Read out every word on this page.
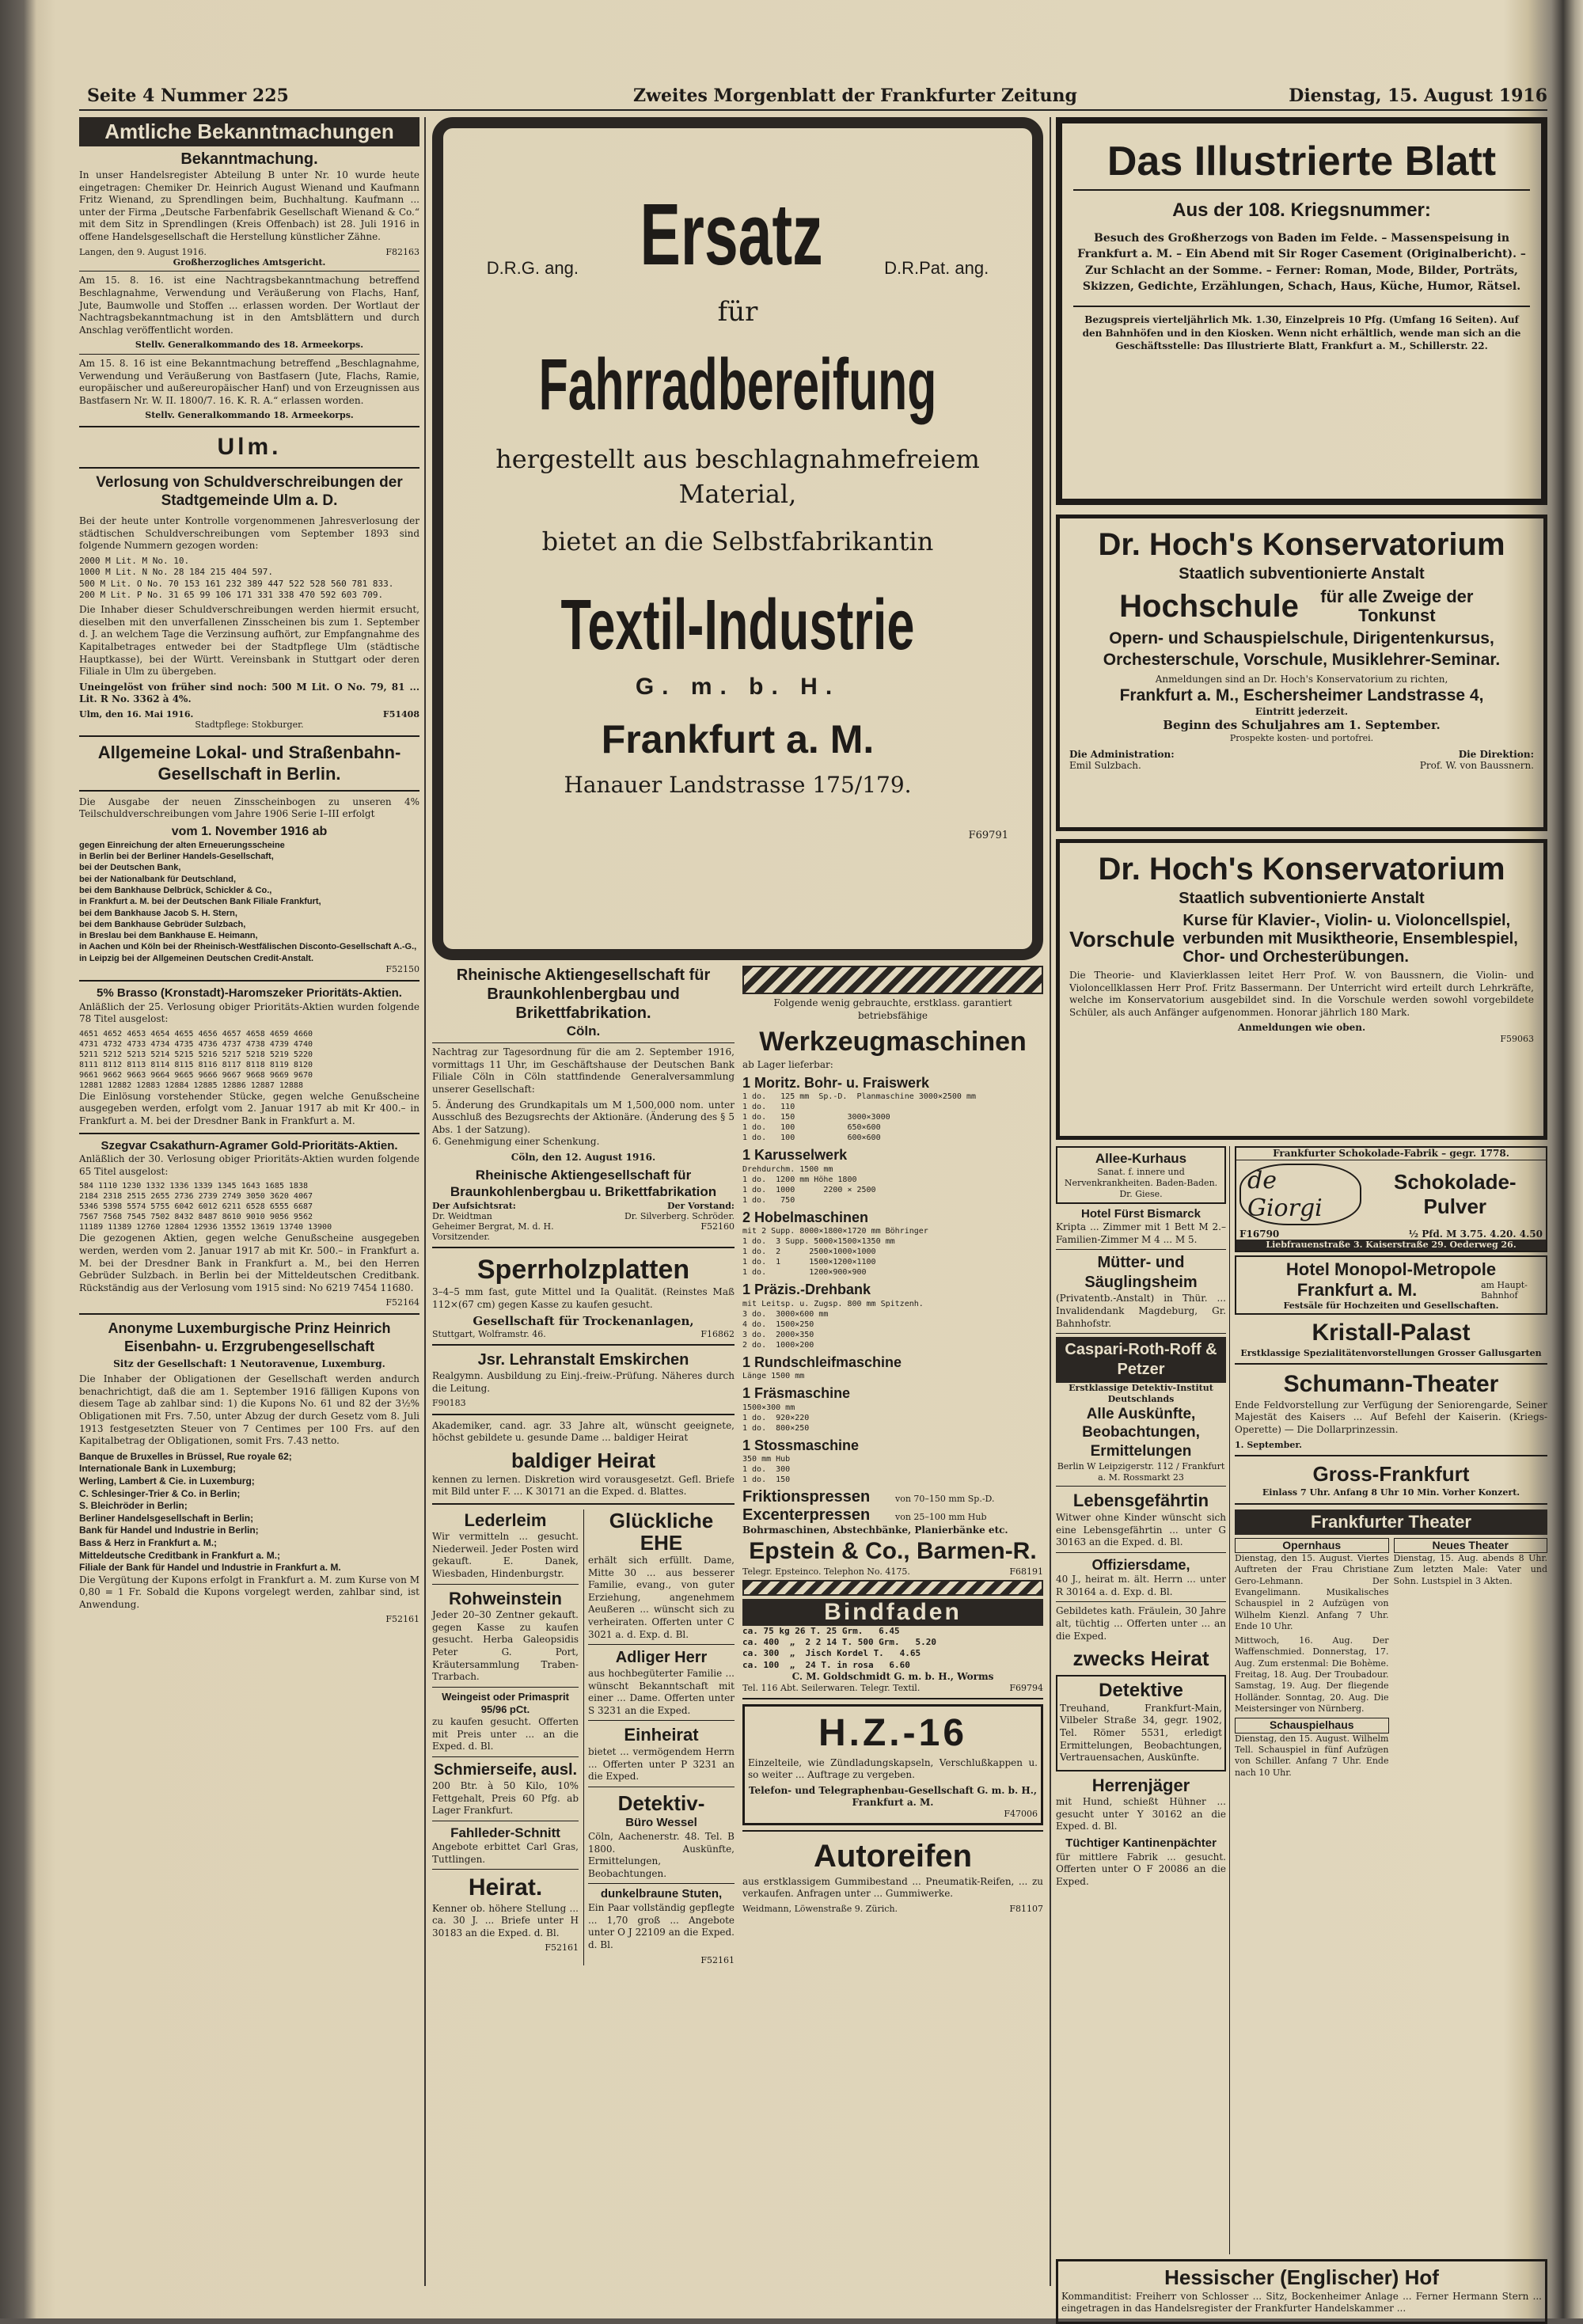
Seite 4 Nummer 225	Zweites Morgenblatt der Frankfurter Zeitung	Dienstag, 15. August 1916
Amtliche Bekanntmachungen

Bekanntmachung.

In unser Handelsregister Abteilung B unter Nr. 10 wurde heute eingetragen: Chemiker Dr. Heinrich August Wienand und Kaufmann Fritz Wienand, zu Sprendlingen beim, Buchhaltung. Kaufmann ... unter der Firma „Deutsche Farbenfabrik Gesellschaft Wienand & Co.“ mit dem Sitz in Sprendlingen (Kreis Offenbach) ist 28. Juli 1916 in offene Handelsgesellschaft die Herstellung künstlicher Zähne.

Langen, den 9. August 1916.	F82163

Großherzogliches Amtsgericht.

Am 15. 8. 16. ist eine Nachtragsbekanntmachung betreffend Beschlagnahme, Verwendung und Veräußerung von Flachs, Hanf, Jute, Baumwolle und Stoffen ... erlassen worden. Der Wortlaut der Nachtragsbekanntmachung ist in den Amtsblättern und durch Anschlag veröffentlicht worden.

Stellv. Generalkommando des 18. Armeekorps.

Am 15. 8. 16 ist eine Bekanntmachung betreffend „Beschlagnahme, Verwendung und Veräußerung von Bastfasern (Jute, Flachs, Ramie, europäischer und außereuropäischer Hanf) und von Erzeugnissen aus Bastfasern Nr. W. II. 1800/7. 16. K. R. A.“ erlassen worden.

Stellv. Generalkommando 18. Armeekorps.

Ulm.

Verlosung von Schuldverschreibungen der Stadtgemeinde Ulm a. D.

Bei der heute unter Kontrolle vorgenommenen Jahresverlosung der städtischen Schuldverschreibungen vom September 1893 sind folgende Nummern gezogen worden:

2000 M Lit. M No. 10.
1000 M Lit. N No. 28 184 215 404 597.
500 M Lit. O No. 70 153 161 232 389 447 522 528 560 781 833.
200 M Lit. P No. 31 65 99 106 171 331 338 470 592 603 709.

Die Inhaber dieser Schuldverschreibungen werden hiermit ersucht, dieselben mit den unverfallenen Zinsscheinen bis zum 1. September d. J. an welchem Tage die Verzinsung aufhört, zur Empfangnahme des Kapitalbetrages entweder bei der Stadtpflege Ulm (städtische Hauptkasse), bei der Württ. Vereinsbank in Stuttgart oder deren Filiale in Ulm zu übergeben.

Uneingelöst von früher sind noch: 500 M Lit. O No. 79, 81 ... Lit. R No. 3362 à 4%.

Ulm, den 16. Mai 1916.	F51408

Stadtpflege: Stokburger.

Allgemeine Lokal- und Straßenbahn-Gesellschaft in Berlin.

Die Ausgabe der neuen Zinsscheinbogen zu unseren 4% Teilschuldverschreibungen vom Jahre 1906 Serie I–III erfolgt

vom 1. November 1916 ab

gegen Einreichung der alten Erneuerungsscheine
in Berlin bei der Berliner Handels-Gesellschaft,
bei der Deutschen Bank,
bei der Nationalbank für Deutschland,
bei dem Bankhause Delbrück, Schickler & Co.,
in Frankfurt a. M. bei der Deutschen Bank Filiale Frankfurt,
bei dem Bankhause Jacob S. H. Stern,
bei dem Bankhause Gebrüder Sulzbach,
in Breslau bei dem Bankhause E. Heimann,
in Aachen und Köln bei der Rheinisch-Westfälischen Disconto-Gesellschaft A.-G.,
in Leipzig bei der Allgemeinen Deutschen Credit-Anstalt.

F52150

5% Brasso (Kronstadt)-Haromszeker Prioritäts-Aktien.

Anläßlich der 25. Verlosung obiger Prioritäts-Aktien wurden folgende 78 Titel ausgelost:

4651 4652 4653 4654 4655 4656 4657 4658 4659 4660
4731 4732 4733 4734 4735 4736 4737 4738 4739 4740
5211 5212 5213 5214 5215 5216 5217 5218 5219 5220
8111 8112 8113 8114 8115 8116 8117 8118 8119 8120
9661 9662 9663 9664 9665 9666 9667 9668 9669 9670
12881 12882 12883 12884 12885 12886 12887 12888

Die Einlösung vorstehender Stücke, gegen welche Genußscheine ausgegeben werden, erfolgt vom 2. Januar 1917 ab mit Kr 400.– in Frankfurt a. M. bei der Dresdner Bank in Frankfurt a. M.

Szegvar Csakathurn-Agramer Gold-Prioritäts-Aktien.

Anläßlich der 30. Verlosung obiger Prioritäts-Aktien wurden folgende 65 Titel ausgelost:

584 1110 1230 1332 1336 1339 1345 1643 1685 1838
2184 2318 2515 2655 2736 2739 2749 3050 3620 4067
5346 5398 5574 5755 6042 6012 6211 6528 6555 6687
7567 7568 7545 7502 8432 8487 8610 9010 9056 9562
11189 11389 12760 12804 12936 13552 13619 13740 13900

Die gezogenen Aktien, gegen welche Genußscheine ausgegeben werden, werden vom 2. Januar 1917 ab mit Kr. 500.– in Frankfurt a. M. bei der Dresdner Bank in Frankfurt a. M., bei den Herren Gebrüder Sulzbach. in Berlin bei der Mitteldeutschen Creditbank. Rückständig aus der Verlosung vom 1915 sind: No 6219 7454 11680.

F52164

Anonyme Luxemburgische Prinz Heinrich Eisenbahn- u. Erzgrubengesellschaft

Sitz der Gesellschaft: 1 Neutoravenue, Luxemburg.

Die Inhaber der Obligationen der Gesellschaft werden andurch benachrichtigt, daß die am 1. September 1916 fälligen Kupons von diesem Tage ab zahlbar sind: 1) die Kupons No. 61 und 82 der 3½% Obligationen mit Frs. 7.50, unter Abzug der durch Gesetz vom 8. Juli 1913 festgesetzten Steuer von 7 Centimes per 100 Frs. auf den Kapitalbetrag der Obligationen, somit Frs. 7.43 netto.

Banque de Bruxelles in Brüssel, Rue royale 62;
Internationale Bank in Luxemburg;
Werling, Lambert & Cie. in Luxemburg;
C. Schlesinger-Trier & Co. in Berlin;
S. Bleichröder in Berlin;
Berliner Handelsgesellschaft in Berlin;
Bank für Handel und Industrie in Berlin;
Bass & Herz in Frankfurt a. M.;
Mitteldeutsche Creditbank in Frankfurt a. M.;
Filiale der Bank für Handel und Industrie in Frankfurt a. M.

Die Vergütung der Kupons erfolgt in Frankfurt a. M. zum Kurse von M 0,80 = 1 Fr. Sobald die Kupons vorgelegt werden, zahlbar sind, ist Anwendung.

F52161

D.R.G. ang. Ersatz	D.R.Pat. ang.
für
Fahrradbereifung
hergestellt aus beschlagnahmefreiem
Material,
bietet an die Selbstfabrikantin
Textil-Industrie
G. m. b. H.
Frankfurt a. M.
Hanauer Landstrasse 175/179.
F69791

Rheinische Aktiengesellschaft für Braunkohlenbergbau und Brikettfabrikation.

Cöln.

Nachtrag zur Tagesordnung für die am 2. September 1916, vormittags 11 Uhr, im Geschäftshause der Deutschen Bank Filiale Cöln in Cöln stattfindende Generalversammlung unserer Gesellschaft:

5. Änderung des Grundkapitals um M 1,500,000 nom. unter Ausschluß des Bezugsrechts der Aktionäre. (Änderung des § 5 Abs. 1 der Satzung).
6. Genehmigung einer Schenkung.

Cöln, den 12. August 1916.

Rheinische Aktiengesellschaft für Braunkohlenbergbau u. Brikettfabrikation

Der Aufsichtsrat:	Der Vorstand:
Dr. Weidtman	Dr. Silverberg. Schröder.
Geheimer Bergrat, M. d. H. Vorsitzender.
F52160

Sperrholzplatten

3–4–5 mm fast, gute Mittel und Ia Qualität. (Reinstes Maß 112×(67 cm) gegen Kasse zu kaufen gesucht.

Gesellschaft für Trockenanlagen,

Stuttgart, Wolframstr. 46.	F16862

Jsr. Lehranstalt Emskirchen

Realgymn. Ausbildung zu Einj.-freiw.-Prüfung. Näheres durch die Leitung.

F90183

Akademiker, cand. agr. 33 Jahre alt, wünscht geeignete, höchst gebildete u. gesunde Dame ... baldiger Heirat

baldiger Heirat

kennen zu lernen. Diskretion wird vorausgesetzt. Gefl. Briefe mit Bild unter F. ... K 30171 an die Exped. d. Blattes.

Lederleim

Wir vermitteln ... gesucht. Niederweil. Jeder Posten wird gekauft. E. Danek, Wiesbaden, Hindenburgstr.

Rohweinstein

Jeder 20–30 Zentner gekauft. gegen Kasse zu kaufen gesucht. Herba Galeopsidis Peter G. Port, Kräutersammlung Traben-Trarbach.

Weingeist oder Primasprit 95/96 pCt.

zu kaufen gesucht. Offerten mit Preis unter ... an die Exped. d. Bl.

Schmierseife, ausl.

200 Btr. à 50 Kilo, 10% Fettgehalt, Preis 60 Pfg. ab Lager Frankfurt.

Fahlleder-Schnitt

Angebote erbittet Carl Gras, Tuttlingen.

Heirat.

Kenner ob. höhere Stellung ... ca. 30 J. ... Briefe unter H 30183 an die Exped. d. Bl.

F52161

Glückliche EHE

erhält sich erfüllt. Dame, Mitte 30 ... aus besserer Familie, evang., von guter Erziehung, angenehmem Aeußeren ... wünscht sich zu verheiraten. Offerten unter C 3021 a. d. Exp. d. Bl.

Adliger Herr

aus hochbegüterter Familie ... wünscht Bekanntschaft mit einer ... Dame. Offerten unter S 3231 an die Exped.

Einheirat

bietet ... vermögendem Herrn ... Offerten unter P 3231 an die Exped.

Detektiv-

Büro Wessel

Cöln, Aachenerstr. 48. Tel. B 1800. Auskünfte, Ermittelungen, Beobachtungen.

dunkelbraune Stuten,

Ein Paar vollständig gepflegte ... 1,70 groß ... Angebote unter O J 22109 an die Exped. d. Bl.

F52161

Folgende wenig gebrauchte, erstklass. garantiert betriebsfähige

Werkzeugmaschinen

ab Lager lieferbar:

1 Moritz. Bohr- u. Fraiswerk

1 do.   125 mm  Sp.-D.  Planmaschine 3000×2500 mm
1 do.   110
1 do.   150           3000×3000
1 do.   100           650×600
1 do.   100           600×600

1 Karusselwerk

Drehdurchm. 1500 mm
1 do.  1200 mm Höhe 1800
1 do.  1000      2200 × 2500
1 do.   750

2 Hobelmaschinen

mit 2 Supp. 8000×1800×1720 mm Böhringer
1 do.  3 Supp. 5000×1500×1350 mm
1 do.  2      2500×1000×1000
1 do.  1      1500×1200×1100
1 do.         1200×900×900

1 Präzis.-Drehbank

mit Leitsp. u. Zugsp. 800 mm Spitzenh.
3 do.  3000×600 mm
4 do.  1500×250
3 do.  2000×350
2 do.  1000×200

1 Rundschleifmaschine

Länge 1500 mm

1 Fräsmaschine

1500×300 mm
1 do.  920×220
1 do.  800×250

1 Stossmaschine

350 mm Hub
1 do.  300
1 do.  150

Friktionspressen	von 70–150 mm Sp.-D.
Excenterpressen	von 25–100 mm Hub

Bohrmaschinen, Abstechbänke, Planierbänke etc.

Epstein & Co., Barmen-R.

Telegr. Epsteinco. Telephon No. 4175.	F68191
Bindfaden

ca. 75 kg 26 T. 25 Grm.   6.45
ca. 400  „  2 2 14 T. 500 Grm.   5.20
ca. 300  „  Jisch Kordel T.   4.65
ca. 100  „  24 T. in rosa   6.60

C. M. Goldschmidt G. m. b. H., Worms

Tel. 116 Abt. Seilerwaren. Telegr. Textil.	F69794

H.Z.-16

Einzelteile, wie Zündladungskapseln, Verschlußkappen u. so weiter ... Auftrage zu vergeben.

Telefon- und Telegraphenbau-Gesellschaft G. m. b. H., Frankfurt a. M.

F47006

Autoreifen

aus erstklassigem Gummibestand ... Pneumatik-Reifen, ... zu verkaufen. Anfragen unter ... Gummiwerke.

Weidmann, Löwenstraße 9. Zürich.	F81107

Das Illustrierte Blatt

Aus der 108. Kriegsnummer:

Besuch des Großherzogs von Baden im Felde. – Massenspeisung in Frankfurt a. M. – Ein Abend mit Sir Roger Casement (Originalbericht). – Zur Schlacht an der Somme. – Ferner: Roman, Mode, Bilder, Porträts, Skizzen, Gedichte, Erzählungen, Schach, Haus, Küche, Humor, Rätsel.

Bezugspreis vierteljährlich Mk. 1.30, Einzelpreis 10 Pfg. (Umfang 16 Seiten). Auf den Bahnhöfen und in den Kiosken. Wenn nicht erhältlich, wende man sich an die Geschäftsstelle: Das Illustrierte Blatt, Frankfurt a. M., Schillerstr. 22.

Dr. Hoch's Konservatorium

Staatlich subventionierte Anstalt

Hochschule	für alle Zweige der Tonkunst

Opern- und Schauspielschule, Dirigentenkursus,

Orchesterschule, Vorschule, Musiklehrer-Seminar.

Anmeldungen sind an Dr. Hoch's Konservatorium zu richten,

Frankfurt a. M., Eschersheimer Landstrasse 4,

Eintritt jederzeit.

Beginn des Schuljahres am 1. September.

Prospekte kosten- und portofrei.

Die Administration:	Die Direktion:
Emil Sulzbach.	Prof. W. von Baussnern.

Dr. Hoch's Konservatorium

Staatlich subventionierte Anstalt

Vorschule
Kurse für Klavier-, Violin- u. Violoncellspiel, verbunden mit Musiktheorie, Ensemblespiel, Chor- und Orchesterübungen.

Die Theorie- und Klavierklassen leitet Herr Prof. W. von Baussnern, die Violin- und Violoncellklassen Herr Prof. Fritz Bassermann. Der Unterricht wird erteilt durch Lehrkräfte, welche im Konservatorium ausgebildet sind. In die Vorschule werden sowohl vorgebildete Schüler, als auch Anfänger aufgenommen. Honorar jährlich 180 Mark.

Anmeldungen wie oben.

F59063

Allee-Kurhaus

Sanat. f. innere und Nervenkrankheiten. Baden-Baden. Dr. Giese.

Hotel Fürst Bismarck

Kripta ... Zimmer mit 1 Bett M 2.– Familien-Zimmer M 4 ... M 5.

Mütter- und Säuglingsheim

(Privatentb.-Anstalt) in Thür. ... Invalidendank Magdeburg, Gr. Bahnhofstr.

Caspari-Roth-Roff & Petzer

Erstklassige Detektiv-Institut Deutschlands

Alle Auskünfte, Beobachtungen, Ermittelungen

Berlin W Leipzigerstr. 112 / Frankfurt a. M. Rossmarkt 23

Lebensgefährtin

Witwer ohne Kinder wünscht sich eine Lebensgefährtin ... unter G 30163 an die Exped. d. Bl.

Offiziersdame,

40 J., heirat m. ält. Herrn ... unter R 30164 a. d. Exp. d. Bl.

Gebildetes kath. Fräulein, 30 Jahre alt, tüchtig ... Offerten unter ... an die Exped.

zwecks Heirat

Detektive

Treuhand, Frankfurt-Main, Vilbeler Straße 34, gegr. 1902, Tel. Römer 5531, erledigt Ermittelungen, Beobachtungen, Vertrauensachen, Auskünfte.

Herrenjäger

mit Hund, schießt Hühner ... gesucht unter Y 30162 an die Exped. d. Bl.

Tüchtiger Kantinenpächter

für mittlere Fabrik ... gesucht. Offerten unter O F 20086 an die Exped.

Frankfurter Schokolade-Fabrik – gegr. 1778.

de Giorgi
Schokolade-Pulver
F16790	½ Pfd. M 3.75. 4.20. 4.50

Liebfrauenstraße 3. Kaiserstraße 29. Oederweg 26.

Hotel Monopol-Metropole

Frankfurt a. M.	am Haupt-Bahnhof

Festsäle für Hochzeiten und Gesellschaften.

Kristall-Palast

Erstklassige Spezialitätenvorstellungen Grosser Gallusgarten

Schumann-Theater

Ende Feldvorstellung zur Verfügung der Seniorengarde, Seiner Majestät des Kaisers ... Auf Befehl der Kaiserin. (Kriegs-Operette) — Die Dollarprinzessin.

1. September.

Gross-Frankfurt

Einlass 7 Uhr. Anfang 8 Uhr 10 Min. Vorher Konzert.

Frankfurter Theater

Opernhaus

Dienstag, den 15. August. Viertes Auftreten der Frau Christiane Gero-Lehmann. Der Evangelimann. Musikalisches Schauspiel in 2 Aufzügen von Wilhelm Kienzl. Anfang 7 Uhr. Ende 10 Uhr.

Mittwoch, 16. Aug. Der Waffenschmied. Donnerstag, 17. Aug. Zum erstenmal: Die Bohème. Freitag, 18. Aug. Der Troubadour. Samstag, 19. Aug. Der fliegende Holländer. Sonntag, 20. Aug. Die Meistersinger von Nürnberg.

Schauspielhaus

Dienstag, den 15. August. Wilhelm Tell. Schauspiel in fünf Aufzügen von Schiller. Anfang 7 Uhr. Ende nach 10 Uhr.

Neues Theater

Dienstag, 15. Aug. abends 8 Uhr. Zum letzten Male: Vater und Sohn. Lustspiel in 3 Akten.

Hessischer (Englischer) Hof

Kommanditist: Freiherr von Schlosser ... Sitz, Bockenheimer Anlage ... Ferner Hermann Stern ... eingetragen in das Handelsregister der Frankfurter Handelskammer ...
